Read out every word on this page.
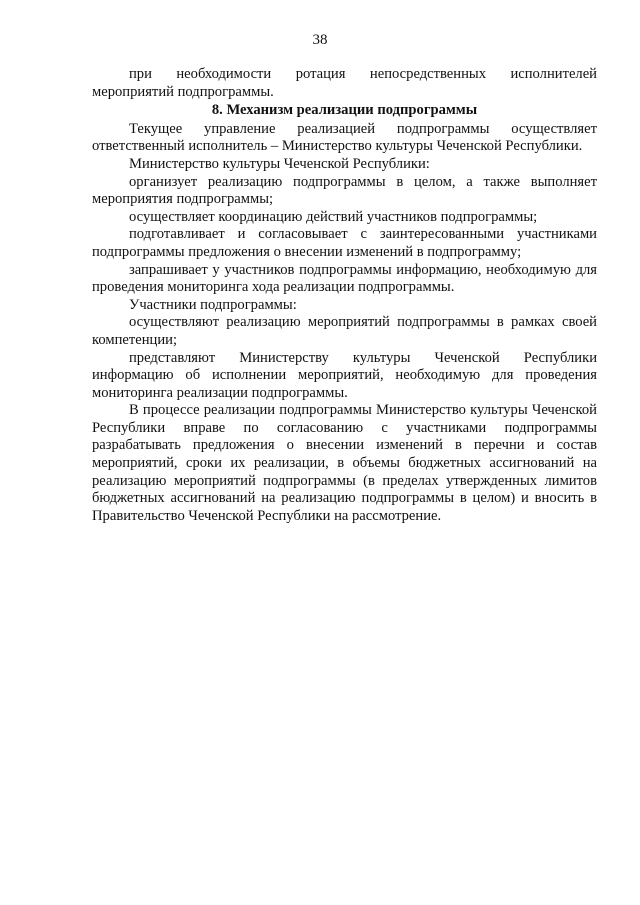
38

при необходимости ротация непосредственных исполнителей мероприятий подпрограммы.

8. Механизм реализации подпрограммы

Текущее управление реализацией подпрограммы осуществляет ответственный исполнитель – Министерство культуры Чеченской Республики.

Министерство культуры Чеченской Республики:

организует реализацию подпрограммы в целом, а также выполняет мероприятия подпрограммы;

осуществляет координацию действий участников подпрограммы;

подготавливает и согласовывает с заинтересованными участниками подпрограммы предложения о внесении изменений в подпрограмму;

запрашивает у участников подпрограммы информацию, необходимую для проведения мониторинга хода реализации подпрограммы.

Участники подпрограммы:

осуществляют реализацию мероприятий подпрограммы в рамках своей компетенции;

представляют Министерству культуры Чеченской Республики информацию об исполнении мероприятий, необходимую для проведения мониторинга реализации подпрограммы.

В процессе реализации подпрограммы Министерство культуры Чеченской Республики вправе по согласованию с участниками подпрограммы разрабатывать предложения о внесении изменений в перечни и состав мероприятий, сроки их реализации, в объемы бюджетных ассигнований на реализацию мероприятий подпрограммы (в пределах утвержденных лимитов бюджетных ассигнований на реализацию подпрограммы в целом) и вносить в Правительство Чеченской Республики на рассмотрение.
